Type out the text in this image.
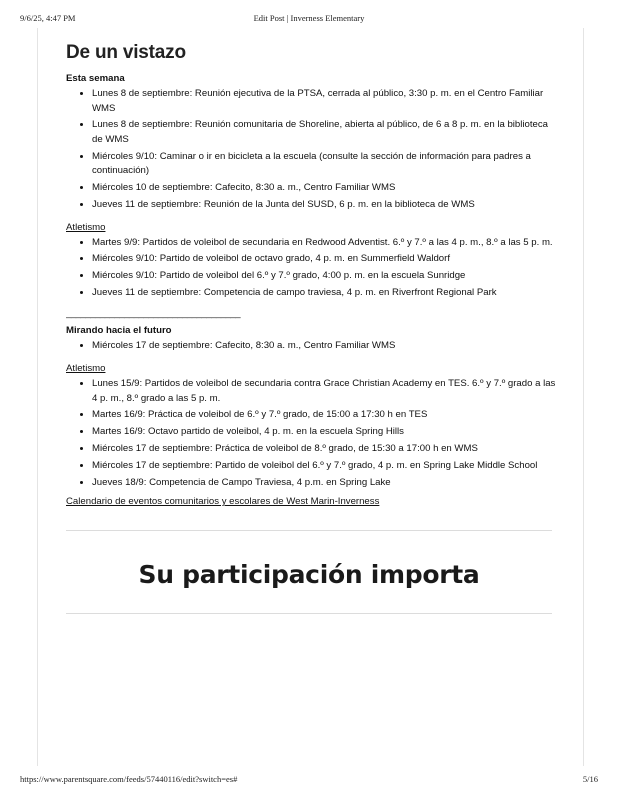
9/6/25, 4:47 PM	Edit Post | Inverness Elementary
De un vistazo
Esta semana
• Lunes 8 de septiembre: Reunión ejecutiva de la PTSA, cerrada al público, 3:30 p. m. en el Centro Familiar WMS
• Lunes 8 de septiembre: Reunión comunitaria de Shoreline, abierta al público, de 6 a 8 p. m. en la biblioteca de WMS
• Miércoles 9/10: Caminar o ir en bicicleta a la escuela (consulte la sección de información para padres a continuación)
• Miércoles 10 de septiembre: Cafecito, 8:30 a. m., Centro Familiar WMS
• Jueves 11 de septiembre: Reunión de la Junta del SUSD, 6 p. m. en la biblioteca de WMS
Atletismo
• Martes 9/9: Partidos de voleibol de secundaria en Redwood Adventist. 6.º y 7.º a las 4 p. m., 8.º a las 5 p. m.
• Miércoles 9/10: Partido de voleibol de octavo grado, 4 p. m. en Summerfield Waldorf
• Miércoles 9/10: Partido de voleibol del 6.º y 7.º grado, 4:00 p. m. en la escuela Sunridge
• Jueves 11 de septiembre: Competencia de campo traviesa, 4 p. m. en Riverfront Regional Park
____________________________________
Mirando hacia el futuro
• Miércoles 17 de septiembre: Cafecito, 8:30 a. m., Centro Familiar WMS
Atletismo
• Lunes 15/9: Partidos de voleibol de secundaria contra Grace Christian Academy en TES. 6.º y 7.º grado a las 4 p. m., 8.º grado a las 5 p. m.
• Martes 16/9: Práctica de voleibol de 6.º y 7.º grado, de 15:00 a 17:30 h en TES
• Martes 16/9: Octavo partido de voleibol, 4 p. m. en la escuela Spring Hills
• Miércoles 17 de septiembre: Práctica de voleibol de 8.º grado, de 15:30 a 17:00 h en WMS
• Miércoles 17 de septiembre: Partido de voleibol del 6.º y 7.º grado, 4 p. m. en Spring Lake Middle School
• Jueves 18/9: Competencia de Campo Traviesa, 4 p.m. en Spring Lake
Calendario de eventos comunitarios y escolares de West Marin-Inverness
Su participación importa
https://www.parentsquare.com/feeds/57440116/edit?switch=es#	5/16
